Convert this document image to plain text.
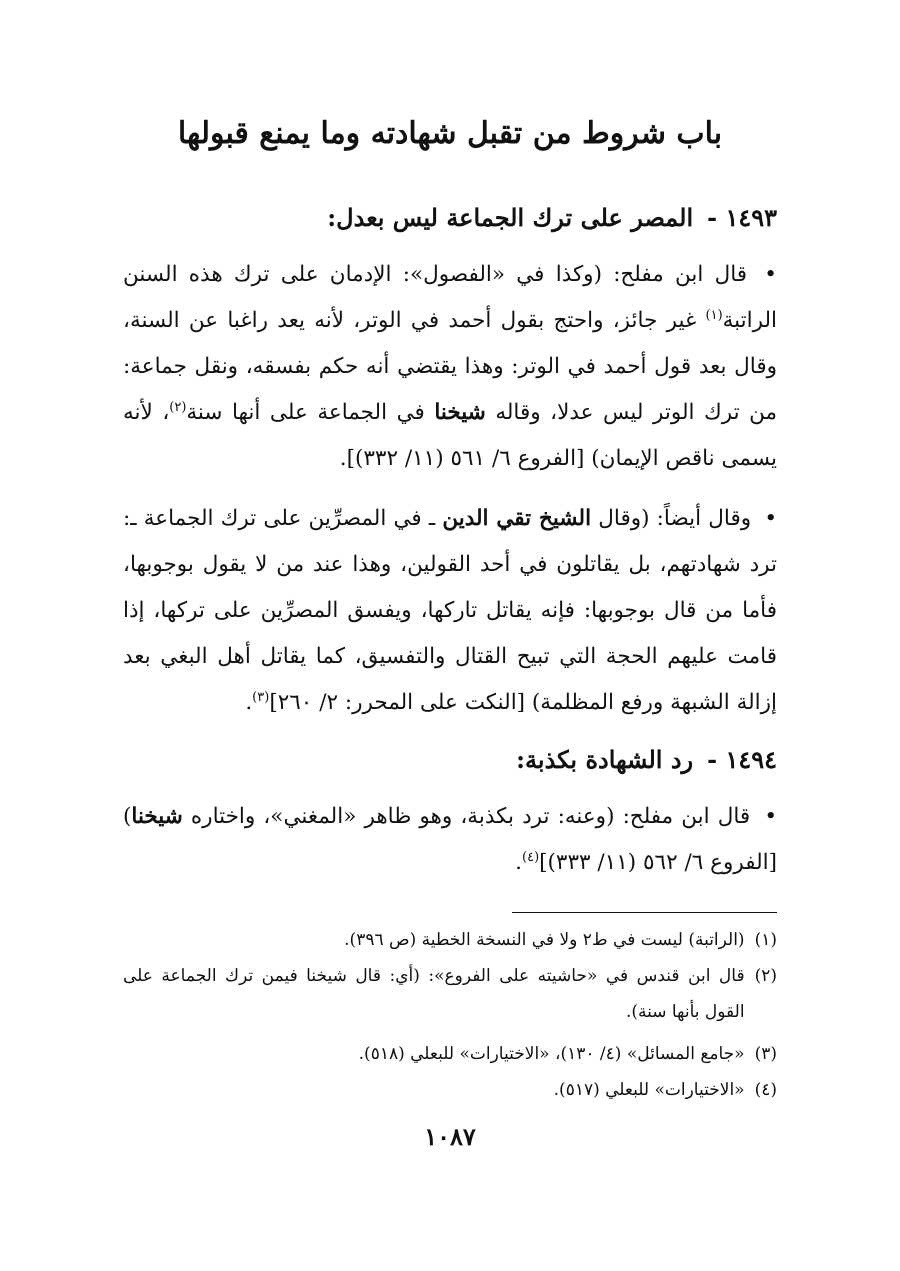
باب شروط من تقبل شهادته وما يمنع قبولها
١٤٩٣ -المصر على ترك الجماعة ليس بعدل:
• قال ابن مفلح: (وكذا في «الفصول»: الإدمان على ترك هذه السنن الراتبة$^{(١)}$ غير جائز، واحتج بقول أحمد في الوتر، لأنه يعد راغبا عن السنة، وقال بعد قول أحمد في الوتر: وهذا يقتضي أنه حكم بفسقه، ونقل جماعة: من ترك الوتر ليس عدلا، وقاله شيخنا في الجماعة على أنها سنة$^{(٢)}$، لأنه يسمى ناقص الإيمان) [الفروع ٦/ ٥٦١ (١١/ ٣٣٢)].
• وقال أيضاً: (وقال الشيخ تقي الدين ـ في المصرِّين على ترك الجماعة ـ: ترد شهادتهم، بل يقاتلون في أحد القولين، وهذا عند من لا يقول بوجوبها، فأما من قال بوجوبها: فإنه يقاتل تاركها، ويفسق المصرِّين على تركها، إذا قامت عليهم الحجة التي تبيح القتال والتفسيق، كما يقاتل أهل البغي بعد إزالة الشبهة ورفع المظلمة) [النكت على المحرر: ٢/ ٢٦٠]$^{(٣)}$.
١٤٩٤ -رد الشهادة بكذبة:
• قال ابن مفلح: (وعنه: ترد بكذبة، وهو ظاهر «المغني»، واختاره شيخنا) [الفروع ٦/ ٥٦٢ (١١/ ٣٣٣)]$^{(٤)}$.
(١)(الراتبة) ليست في ط٢ ولا في النسخة الخطية (ص ٣٩٦).
(٢)
قال ابن قندس في «حاشيته على الفروع»: (أي: قال شيخنا فيمن ترك الجماعة على القول بأنها سنة).
(٣)«جامع المسائل» (٤/ ١٣٠)، «الاختيارات» للبعلي (٥١٨).
(٤)«الاختيارات» للبعلي (٥١٧).
١٠٨٧
